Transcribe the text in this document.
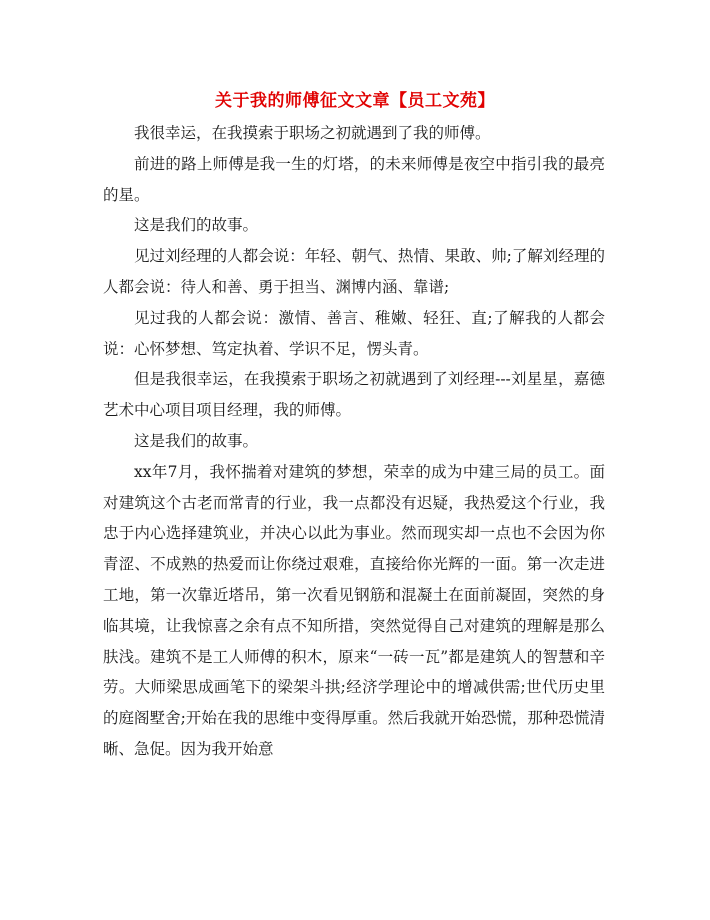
关于我的师傅征文文章【员工文苑】

我很幸运，在我摸索于职场之初就遇到了我的师傅。

前进的路上师傅是我一生的灯塔，的未来师傅是夜空中指引我的最亮的星。

这是我们的故事。

见过刘经理的人都会说：年轻、朝气、热情、果敢、帅;了解刘经理的人都会说：待人和善、勇于担当、渊博内涵、靠谱;

见过我的人都会说：激情、善言、稚嫩、轻狂、直;了解我的人都会说：心怀梦想、笃定执着、学识不足，愣头青。

但是我很幸运，在我摸索于职场之初就遇到了刘经理---刘星星，嘉德艺术中心项目项目经理，我的师傅。

这是我们的故事。

xx年7月，我怀揣着对建筑的梦想，荣幸的成为中建三局的员工。面对建筑这个古老而常青的行业，我一点都没有迟疑，我热爱这个行业，我忠于内心选择建筑业，并决心以此为事业。然而现实却一点也不会因为你青涩、不成熟的热爱而让你绕过艰难，直接给你光辉的一面。第一次走进工地，第一次靠近塔吊，第一次看见钢筋和混凝土在面前凝固，突然的身临其境，让我惊喜之余有点不知所措，突然觉得自己对建筑的理解是那么肤浅。建筑不是工人师傅的积木，原来“一砖一瓦”都是建筑人的智慧和辛劳。大师梁思成画笔下的梁架斗拱;经济学理论中的增减供需;世代历史里的庭阁墅舍;开始在我的思维中变得厚重。然后我就开始恐慌，那种恐慌清晰、急促。因为我开始意
